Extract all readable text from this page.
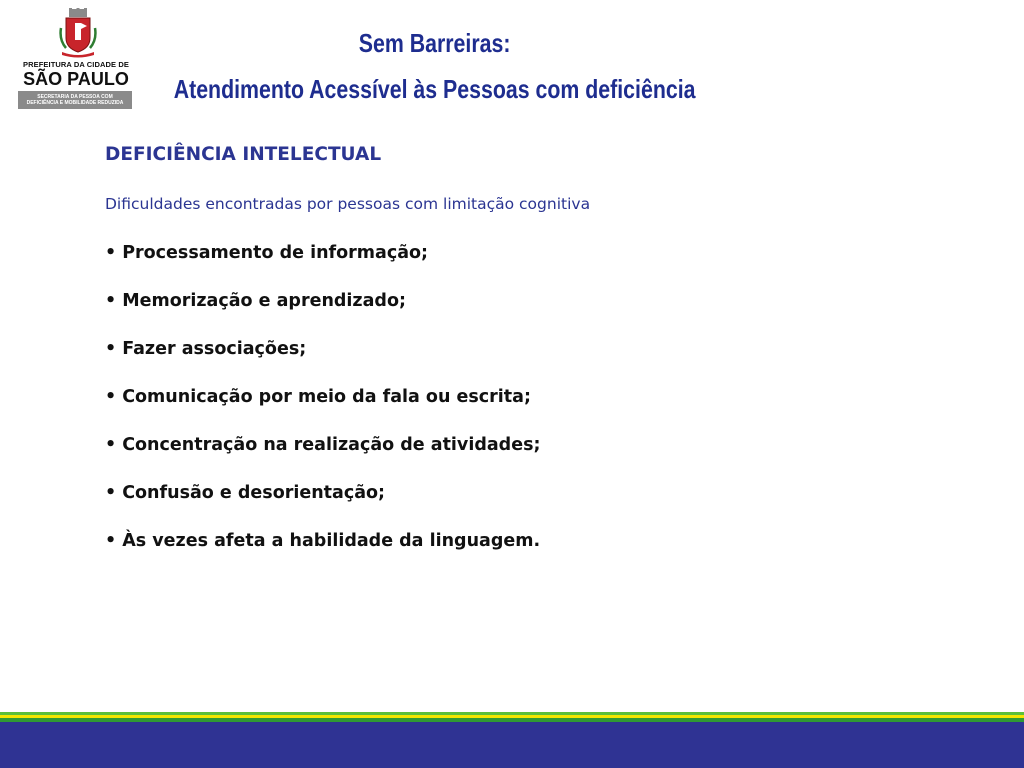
PREFEITURA DA CIDADE DE
SÃO PAULO
SECRETARIA DA PESSOA COM
DEFICIÊNCIA E MOBILIDADE REDUZIDA
Sem Barreiras:
Atendimento Acessível às Pessoas com deficiência
DEFICIÊNCIA INTELECTUAL
Dificuldades encontradas por pessoas com limitação cognitiva
• Processamento de informação;
• Memorização e aprendizado;
• Fazer associações;
• Comunicação por meio da fala ou escrita;
• Concentração na realização de atividades;
• Confusão e desorientação;
• Às vezes afeta a habilidade da linguagem.
